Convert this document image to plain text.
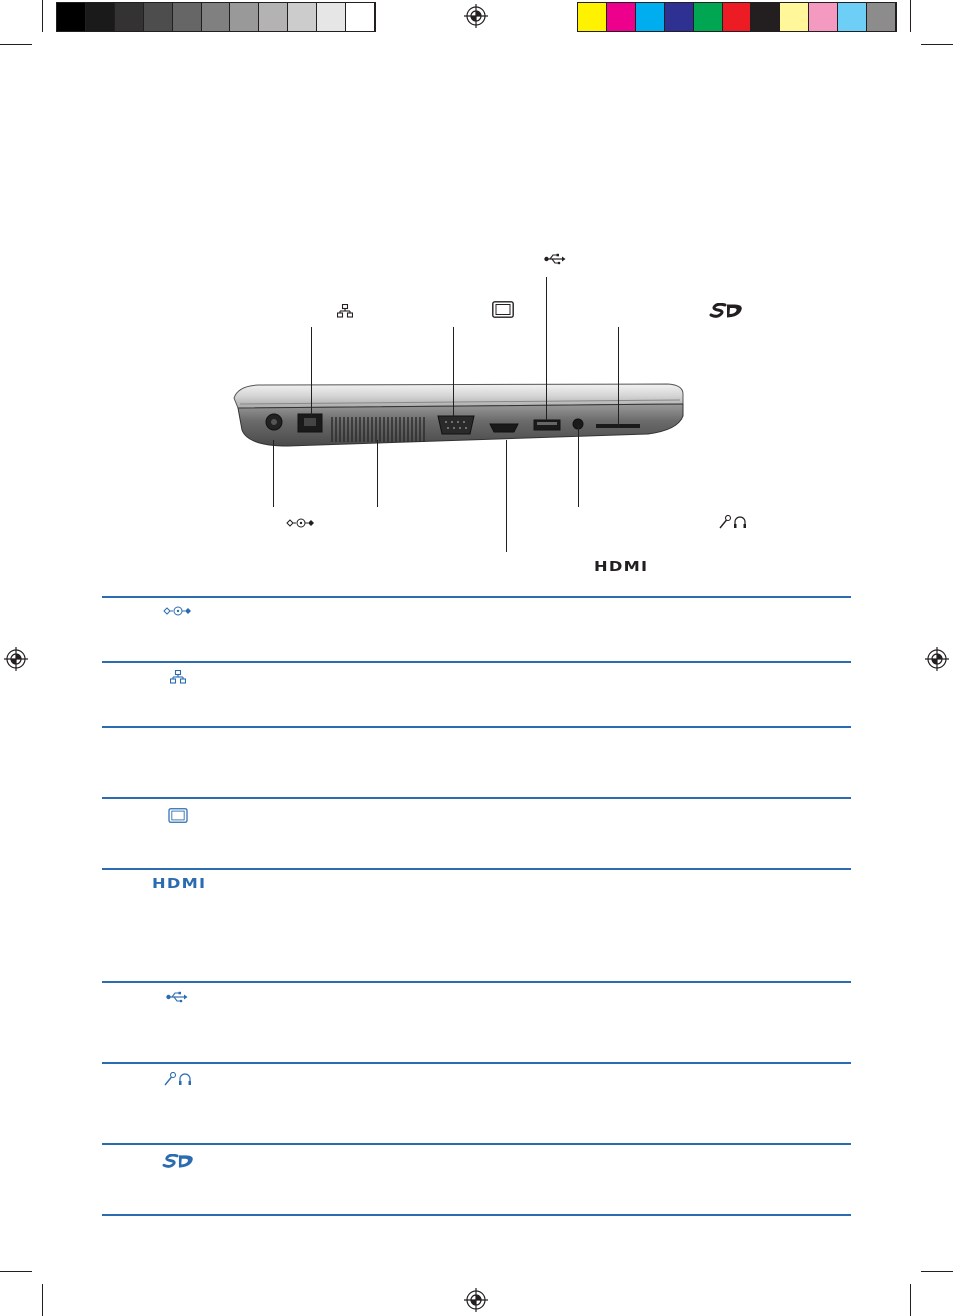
HDMI
HDMI
